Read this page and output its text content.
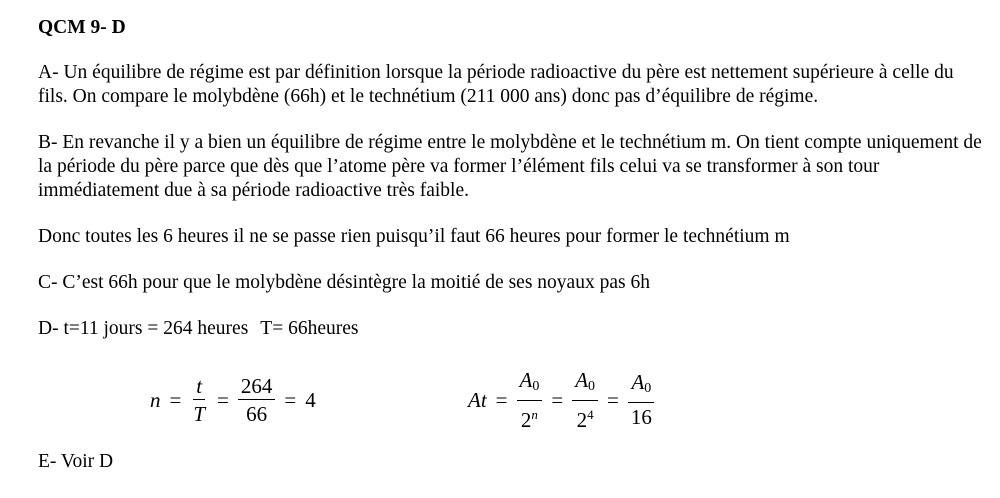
QCM 9- D

A- Un équilibre de régime est par définition lorsque la période radioactive du père est nettement supérieure à celle du fils. On compare le molybdène (66h) et le technétium (211 000 ans) donc pas d’équilibre de régime.

B- En revanche il y a bien un équilibre de régime entre le molybdène et le technétium m. On tient compte uniquement de la période du père parce que dès que l’atome père va former l’élément fils celui va se transformer à son tour immédiatement due à sa période radioactive très faible.

Donc toutes les 6 heures il ne se passe rien puisqu’il faut 66 heures pour former le technétium m

C- C’est 66h pour que le molybdène désintègre la moitié de ses noyaux pas 6h

D- t=11 jours = 264 heures T= 66heures

$n = \frac{t}{T} = \frac{264}{66} = 4$	$At = \frac{A_0}{2^n} = \frac{A_0}{2^4} = \frac{A_0}{16}$
E- Voir D
